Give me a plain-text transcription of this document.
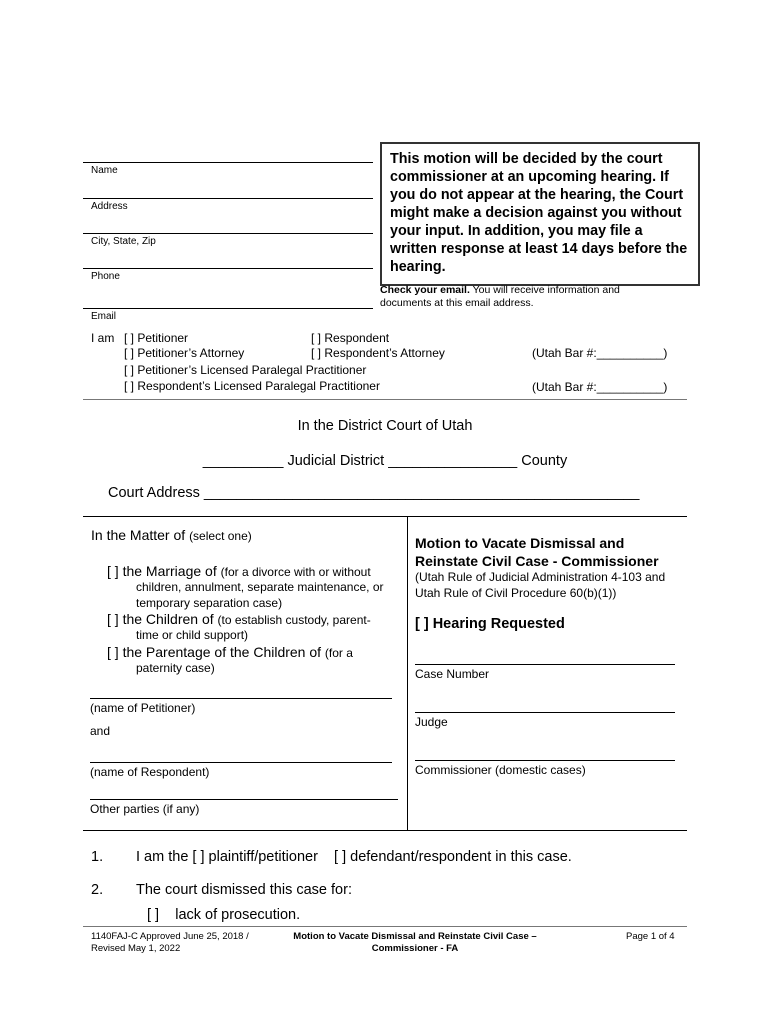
Name
Address
City, State, Zip
Phone
Email
This motion will be decided by the court commissioner at an upcoming hearing. If you do not appear at the hearing, the Court might make a decision against you without your input. In addition, you may file a written response at least 14 days before the hearing.
Check your email. You will receive information and documents at this email address.
I am [ ] Petitioner	[ ] Respondent
[ ] Petitioner’s Attorney	[ ] Respondent’s Attorney	(Utah Bar #:__________)
[ ] Petitioner’s Licensed Paralegal Practitioner
[ ] Respondent’s Licensed Paralegal Practitioner	(Utah Bar #:__________)
In the District Court of Utah
__________ Judicial District ________________ County
Court Address ______________________________________________________
In the Matter of (select one)
[ ] the Marriage of (for a divorce with or without
children, annulment, separate maintenance, or
temporary separation case)
[ ] the Children of (to establish custody, parent-
time or child support)
[ ] the Parentage of the Children of (for a
paternity case)
(name of Petitioner)
and
(name of Respondent)
Other parties (if any)
Motion to Vacate Dismissal and
Reinstate Civil Case - Commissioner
(Utah Rule of Judicial Administration 4-103 and
Utah Rule of Civil Procedure 60(b)(1))
[ ] Hearing Requested
Case Number
Judge
Commissioner (domestic cases)
1. I am the [ ] plaintiff/petitioner [ ] defendant/respondent in this case.
2. The court dismissed this case for:
[ ] lack of prosecution.
1140FAJ-C Approved June 25, 2018 /
Revised May 1, 2022
Motion to Vacate Dismissal and Reinstate Civil Case –
Commissioner - FA
Page 1 of 4
